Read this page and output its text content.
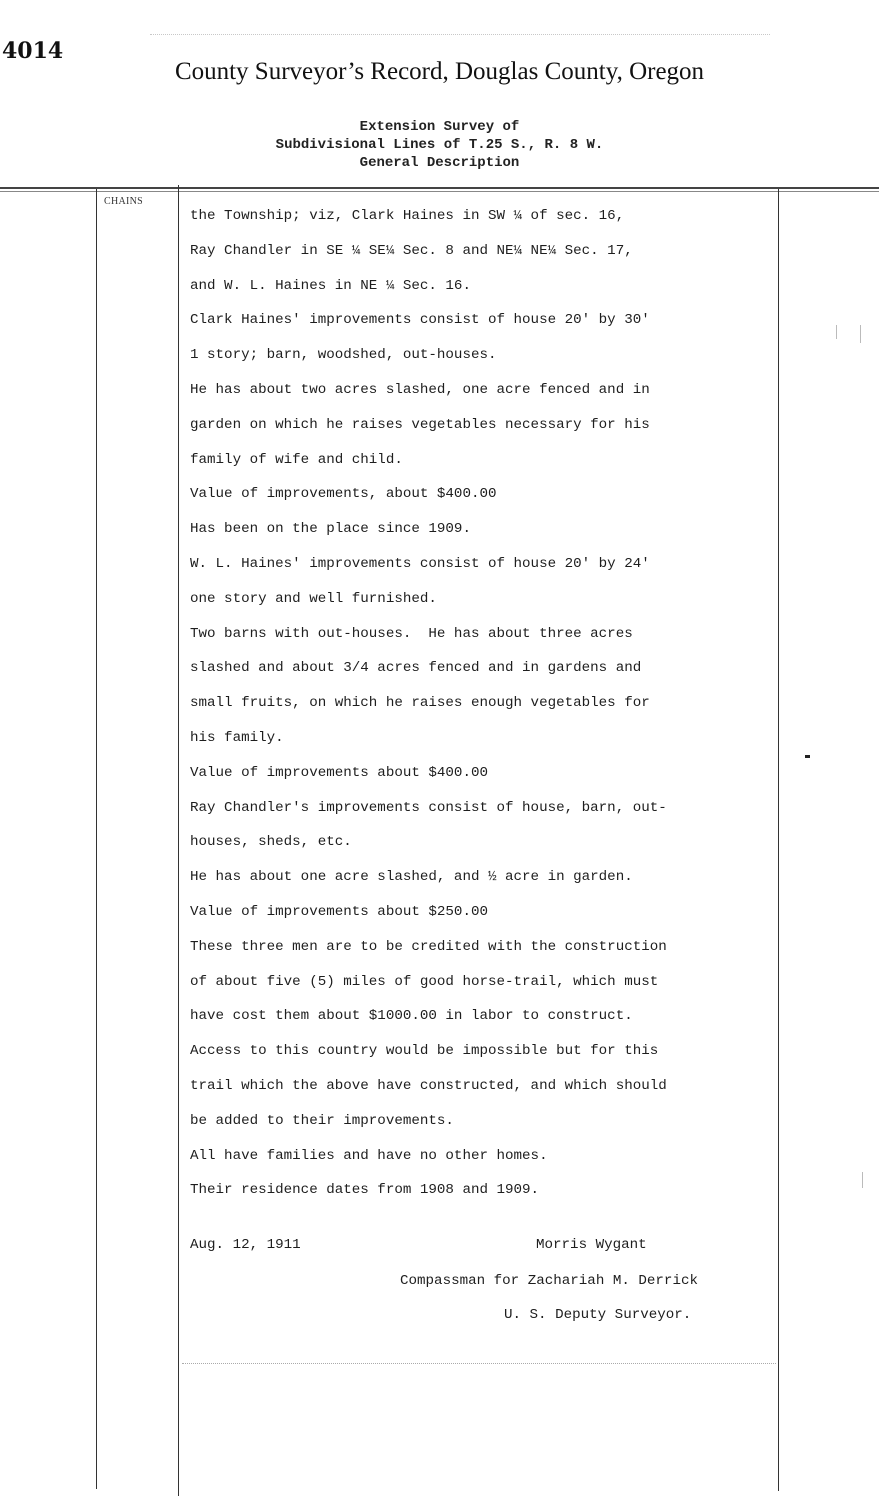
4014
County Surveyor’s Record, Douglas County, Oregon
Extension Survey of
Subdivisional Lines of T.25 S., R. 8 W.
General Description
CHAINS
the Township; viz, Clark Haines in SW ¼ of sec. 16,
Ray Chandler in SE ¼ SE¼ Sec. 8 and NE¼ NE¼ Sec. 17,
and W. L. Haines in NE ¼ Sec. 16.
Clark Haines' improvements consist of house 20' by 30'
1 story; barn, woodshed, out-houses.
He has about two acres slashed, one acre fenced and in
garden on which he raises vegetables necessary for his
family of wife and child.
Value of improvements, about $400.00
Has been on the place since 1909.
W. L. Haines' improvements consist of house 20' by 24'
one story and well furnished.
Two barns with out-houses.  He has about three acres
slashed and about 3/4 acres fenced and in gardens and
small fruits, on which he raises enough vegetables for
his family.
Value of improvements about $400.00
Ray Chandler's improvements consist of house, barn, out-
houses, sheds, etc.
He has about one acre slashed, and ½ acre in garden.
Value of improvements about $250.00
These three men are to be credited with the construction
of about five (5) miles of good horse-trail, which must
have cost them about $1000.00 in labor to construct.
Access to this country would be impossible but for this
trail which the above have constructed, and which should
be added to their improvements.
All have families and have no other homes.
Their residence dates from 1908 and 1909.
Aug. 12, 1911	Morris Wygant
Compassman for Zachariah M. Derrick
U. S. Deputy Surveyor.
